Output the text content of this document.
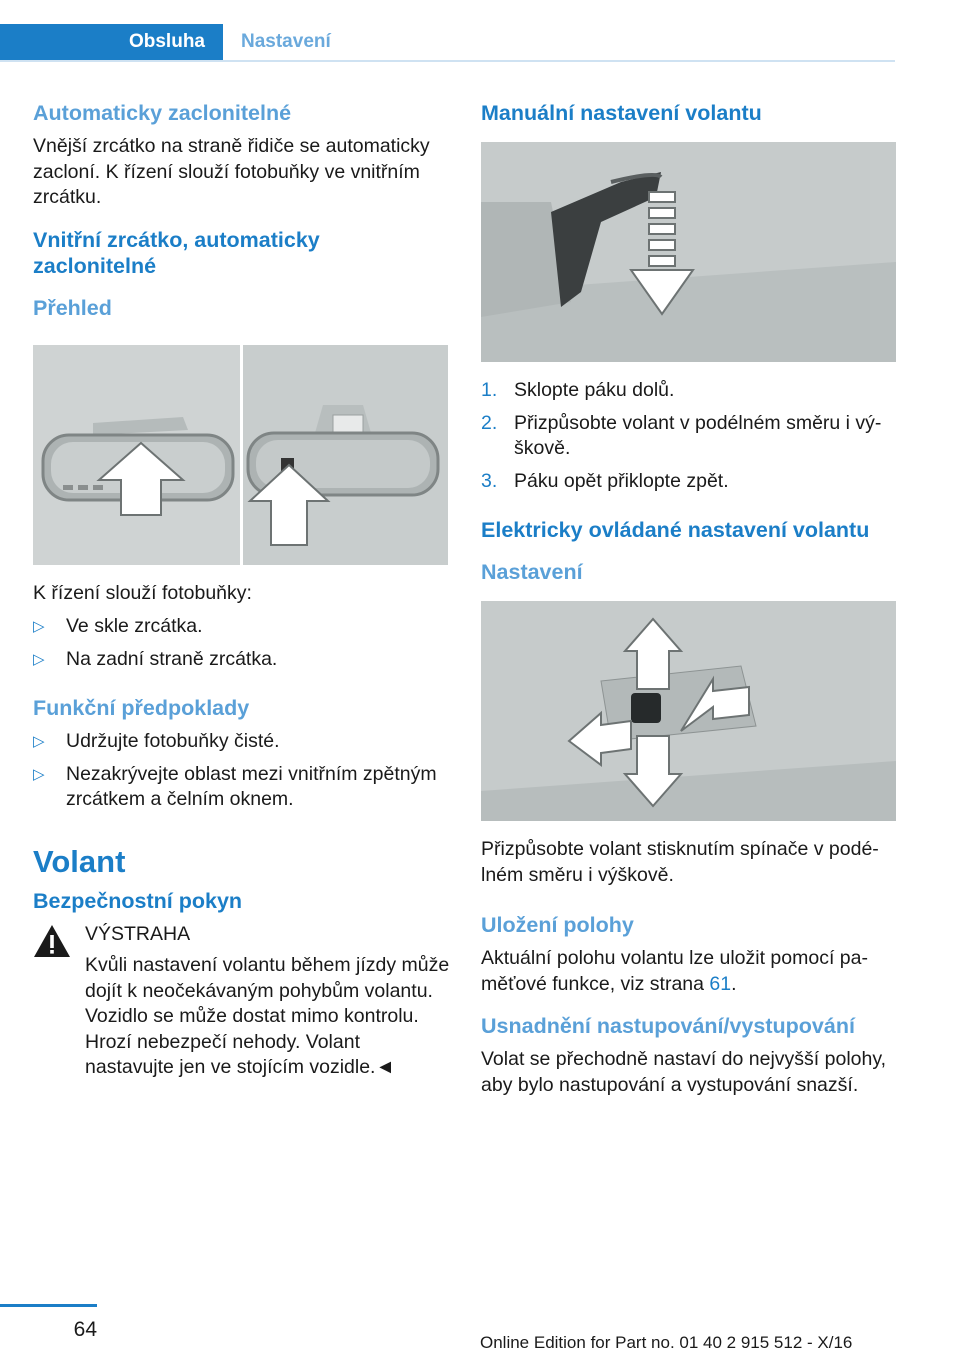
Obsluha	Nastavení
Automaticky zaclonitelné

Vnější zrcátko na straně řidiče se automaticky zacloní. K řízení slouží fotobuňky ve vnitřním zrcátku.

Vnitřní zrcátko, automaticky zaclonitelné
Přehled

K řízení slouží fotobuňky:

▷ Ve skle zrcátka.
▷ Na zadní straně zrcátka.
Funkční předpoklady
▷ Udržujte fotobuňky čisté.
▷ Nezakrývejte oblast mezi vnitřním zpětným zrcátkem a čelním oknem.
Volant
Bezpečnostní pokyn

VÝSTRAHA

Kvůli nastavení volantu během jízdy může dojít k neočekávaným pohybům volantu. Vozidlo se může dostat mimo kontrolu. Hrozí nebezpečí nehody. Volant nastavujte jen ve stojícím vozidle.◄

Manuální nastavení volantu
1. Sklopte páku dolů.
2. Přizpůsobte volant v podélném směru i výškově.
3. Páku opět přiklopte zpět.
Elektricky ovládané nastavení volantu
Nastavení

Přizpůsobte volant stisknutím spínače v podélném směru i výškově.

Uložení polohy

Aktuální polohu volantu lze uložit pomocí paměťové funkce, viz strana 61.

Usnadnění nastupování/vystupování

Volat se přechodně nastaví do nejvyšší polohy, aby bylo nastupování a vystupování snazší.

64
Online Edition for Part no. 01 40 2 915 512 - X/16
